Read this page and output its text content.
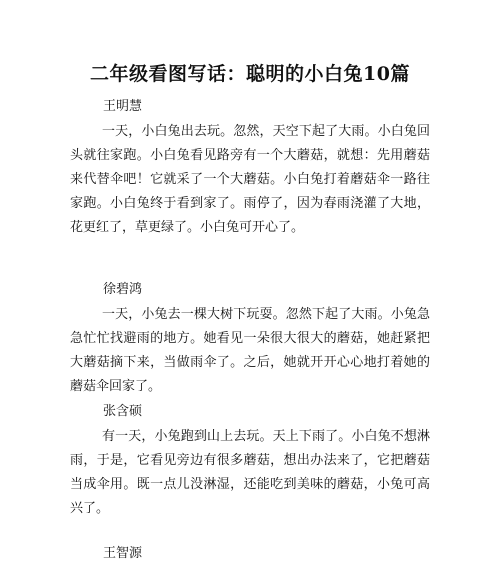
二年级看图写话：聪明的小白兔10篇
王明慧

一天，小白兔出去玩。忽然，天空下起了大雨。小白兔回头就往家跑。小白兔看见路旁有一个大蘑菇，就想：先用蘑菇来代替伞吧！它就采了一个大蘑菇。小白兔打着蘑菇伞一路往家跑。小白兔终于看到家了。雨停了，因为春雨浇灌了大地，花更红了，草更绿了。小白兔可开心了。

徐碧鸿

一天，小兔去一棵大树下玩耍。忽然下起了大雨。小兔急急忙忙找避雨的地方。她看见一朵很大很大的蘑菇，她赶紧把大蘑菇摘下来，当做雨伞了。之后，她就开开心心地打着她的蘑菇伞回家了。

张含硕

有一天，小兔跑到山上去玩。天上下雨了。小白兔不想淋雨，于是，它看见旁边有很多蘑菇，想出办法来了，它把蘑菇当成伞用。既一点儿没淋湿，还能吃到美味的蘑菇，小兔可高兴了。

王智源
